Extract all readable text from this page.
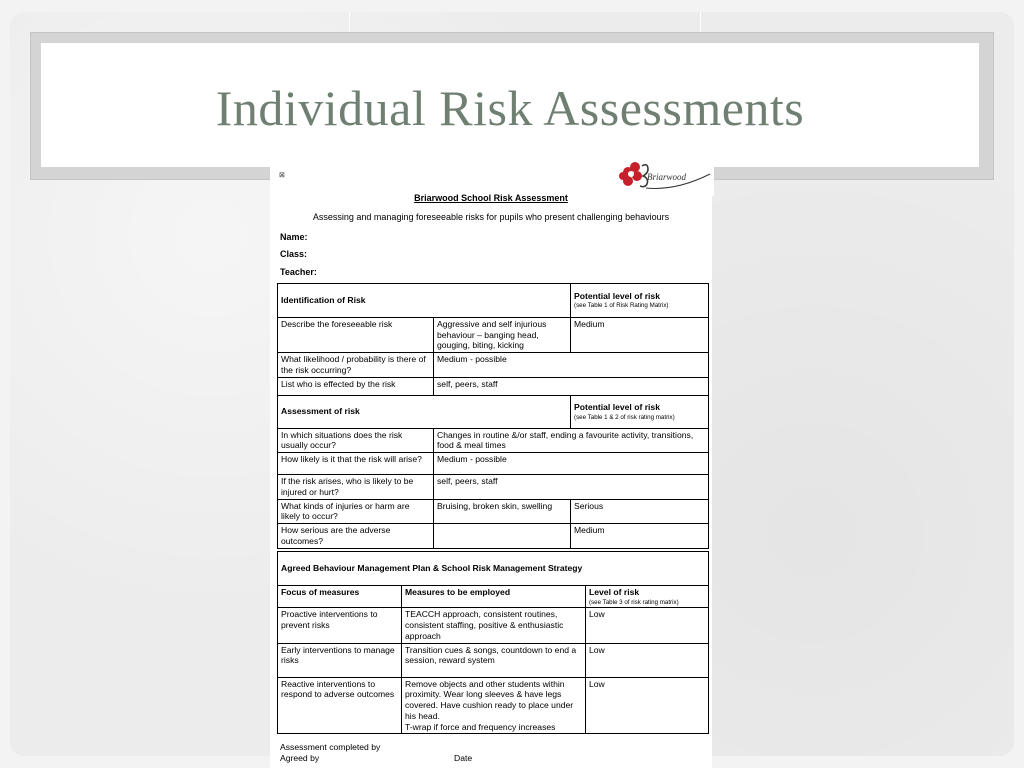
Individual Risk Assessments
⊠	Briarwood
Briarwood School Risk Assessment
Assessing and managing foreseeable risks for pupils who present challenging behaviours
Name:
Class:
Teacher:
Identification of Risk		Potential level of risk
(see Table 1 of Risk Rating Matrix)

Describe the foreseeable risk	Aggressive and self injurious behaviour – banging head, gouging, biting, kicking	Medium
What likelihood / probability is there of the risk occurring?	Medium - possible	
List who is effected by the risk	self, peers, staff	
Assessment of risk		Potential level of risk
(see Table 1 & 2 of risk rating matrix)

In which situations does the risk usually occur?	Changes in routine &/or staff, ending a favourite activity, transitions, food & meal times	
How likely is it that the risk will arise?	Medium - possible	
If the risk arises, who is likely to be injured or hurt?	self, peers, staff	
What kinds of injuries or harm are likely to occur?	Bruising, broken skin, swelling	Serious
How serious are the adverse outcomes?		Medium
Agreed Behaviour Management Plan & School Risk Management Strategy		
Focus of measures	Measures to be employed	Level of risk
(see Table 3 of risk rating matrix)

Proactive interventions to prevent risks	TEACCH approach, consistent routines, consistent staffing, positive & enthusiastic approach	Low
Early interventions to manage risks	Transition cues & songs, countdown to end a session, reward system	Low
Reactive interventions to respond to adverse outcomes	Remove objects and other students within proximity. Wear long sleeves & have legs covered. Have cushion ready to place under his head.
T-wrap if force and frequency increases	Low
Assessment completed by
Agreed by	Date
